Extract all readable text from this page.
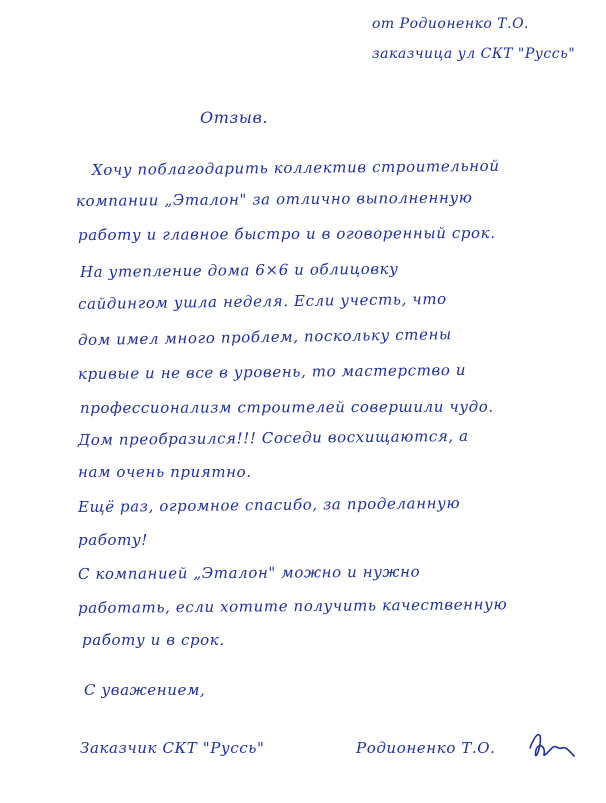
от Родионенко Т.О.
заказчица ул СКТ "Руссь"
Отзыв.
Хочу поблагодарить коллектив строительной
компании „Эталон" за отлично выполненную
работу и главное быстро и в оговоренный срок.
На утепление дома 6×6 и облицовку
сайдингом ушла неделя. Если учесть, что
дом имел много проблем, поскольку стены
кривые и не все в уровень, то мастерство и
профессионализм строителей совершили чудо.
Дом преобразился!!! Соседи восхищаются, а
нам очень приятно.
Ещё раз, огромное спасибо, за проделанную
работу!
С компанией „Эталон" можно и нужно
работать, если хотите получить качественную
работу и в срок.
С уважением,
Заказчик СКТ "Руссь"	Родионенко Т.О.
